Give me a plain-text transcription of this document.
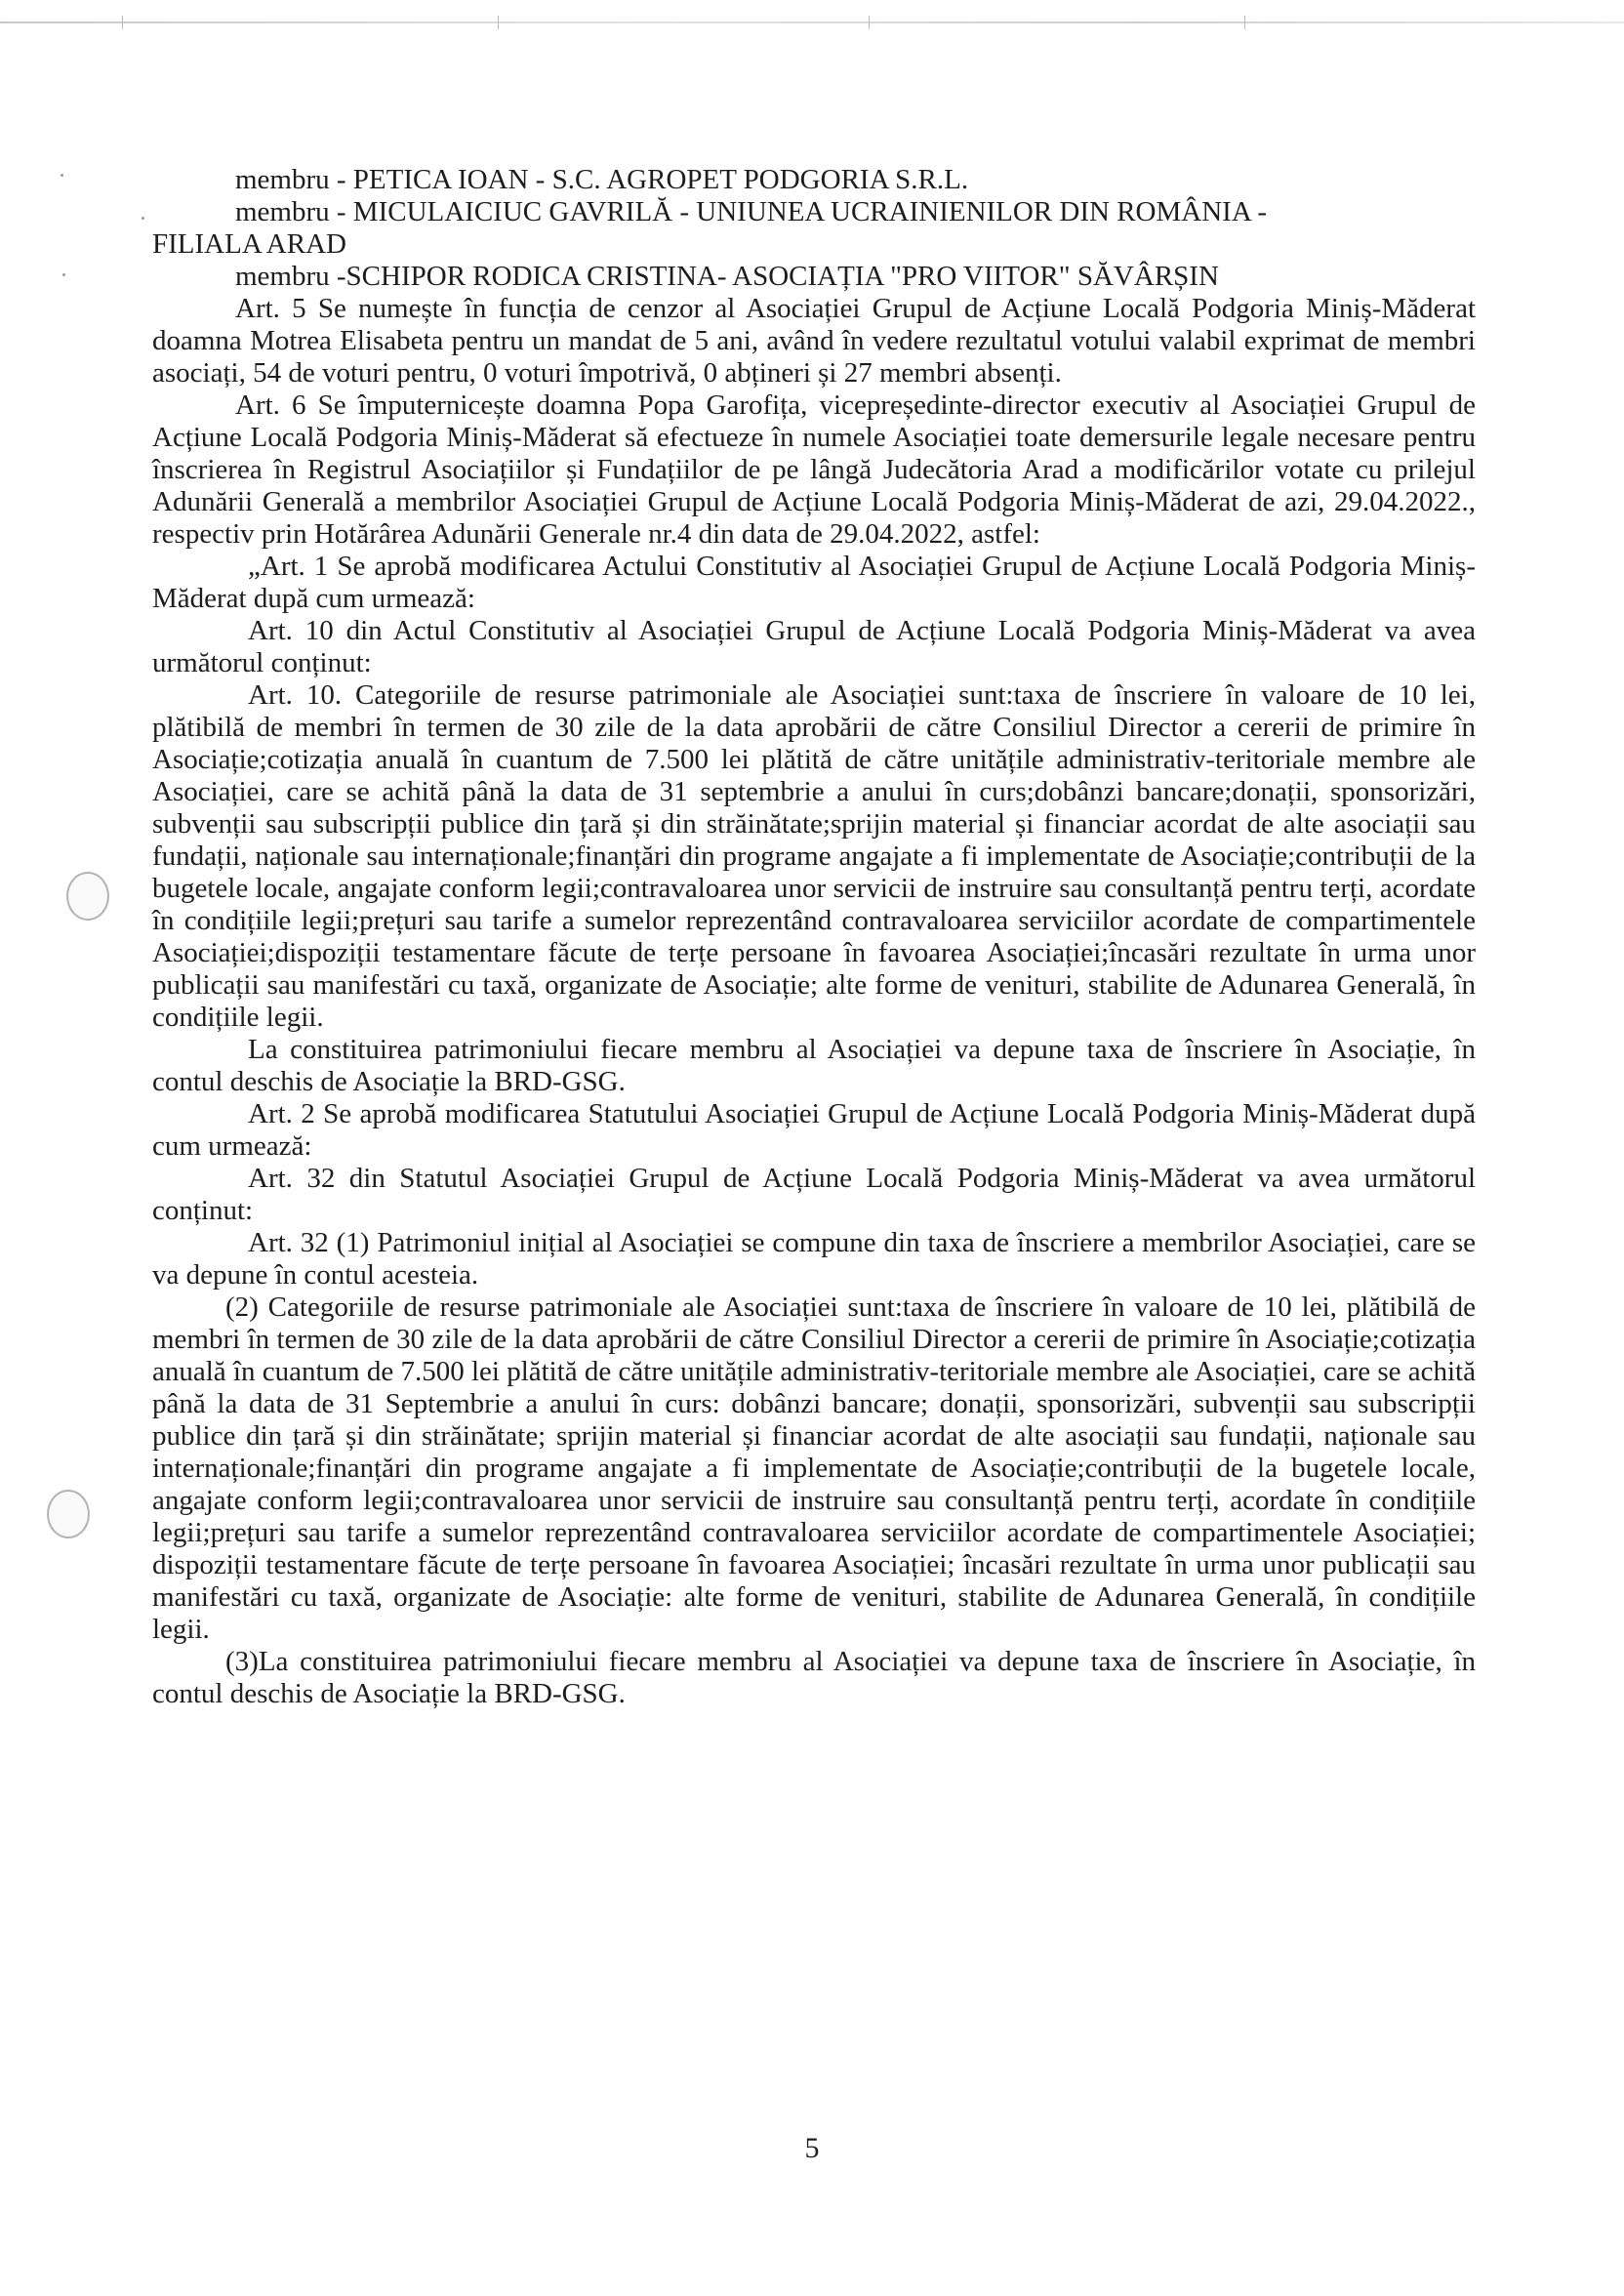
membru - PETICA IOAN - S.C. AGROPET PODGORIA S.R.L.

membru - MICULAICIUC GAVRILĂ - UNIUNEA UCRAINIENILOR DIN ROMÂNIA -

FILIALA ARAD

membru -SCHIPOR RODICA CRISTINA- ASOCIAȚIA "PRO VIITOR" SĂVÂRȘIN

Art. 5 Se numește în funcția de cenzor al Asociației Grupul de Acțiune Locală Podgoria Miniș-Măderat doamna Motrea Elisabeta pentru un mandat de 5 ani, având în vedere rezultatul votului valabil exprimat de membri asociați, 54 de voturi pentru, 0 voturi împotrivă, 0 abțineri și 27 membri absenți.

Art. 6 Se împuternicește doamna Popa Garofița, vicepreședinte-director executiv al Asociației Grupul de Acțiune Locală Podgoria Miniș-Măderat să efectueze în numele Asociației toate demersurile legale necesare pentru înscrierea în Registrul Asociațiilor și Fundațiilor de pe lângă Judecătoria Arad a modificărilor votate cu prilejul Adunării Generală a membrilor Asociației Grupul de Acțiune Locală Podgoria Miniș-Măderat de azi, 29.04.2022., respectiv prin Hotărârea Adunării Generale nr.4 din data de 29.04.2022, astfel:

„Art. 1 Se aprobă modificarea Actului Constitutiv al Asociației Grupul de Acțiune Locală Podgoria Miniș-Măderat după cum urmează:

Art. 10 din Actul Constitutiv al Asociației Grupul de Acțiune Locală Podgoria Miniș-Măderat va avea următorul conținut:

Art. 10. Categoriile de resurse patrimoniale ale Asociației sunt:taxa de înscriere în valoare de 10 lei, plătibilă de membri în termen de 30 zile de la data aprobării de către Consiliul Director a cererii de primire în Asociație;cotizația anuală în cuantum de 7.500 lei plătită de către unitățile administrativ-teritoriale membre ale Asociației, care se achită până la data de 31 septembrie a anului în curs;dobânzi bancare;donații, sponsorizări, subvenții sau subscripții publice din țară și din străinătate;sprijin material și financiar acordat de alte asociații sau fundații, naționale sau internaționale;finanțări din programe angajate a fi implementate de Asociație;contribuții de la bugetele locale, angajate conform legii;contravaloarea unor servicii de instruire sau consultanță pentru terți, acordate în condițiile legii;prețuri sau tarife a sumelor reprezentând contravaloarea serviciilor acordate de compartimentele Asociației;dispoziții testamentare făcute de terțe persoane în favoarea Asociației;încasări rezultate în urma unor publicații sau manifestări cu taxă, organizate de Asociație; alte forme de venituri, stabilite de Adunarea Generală, în condițiile legii.

La constituirea patrimoniului fiecare membru al Asociației va depune taxa de înscriere în Asociație, în contul deschis de Asociație la BRD-GSG.

Art. 2 Se aprobă modificarea Statutului Asociației Grupul de Acțiune Locală Podgoria Miniș-Măderat după cum urmează:

Art. 32 din Statutul Asociației Grupul de Acțiune Locală Podgoria Miniș-Măderat va avea următorul conținut:

Art. 32 (1) Patrimoniul inițial al Asociației se compune din taxa de înscriere a membrilor Asociației, care se va depune în contul acesteia.

(2) Categoriile de resurse patrimoniale ale Asociației sunt:taxa de înscriere în valoare de 10 lei, plătibilă de membri în termen de 30 zile de la data aprobării de către Consiliul Director a cererii de primire în Asociație;cotizația anuală în cuantum de 7.500 lei plătită de către unitățile administrativ-teritoriale membre ale Asociației, care se achită până la data de 31 Septembrie a anului în curs: dobânzi bancare; donații, sponsorizări, subvenții sau subscripții publice din țară și din străinătate; sprijin material și financiar acordat de alte asociații sau fundații, naționale sau internaționale;finanțări din programe angajate a fi implementate de Asociație;contribuții de la bugetele locale, angajate conform legii;contravaloarea unor servicii de instruire sau consultanță pentru terți, acordate în condițiile legii;prețuri sau tarife a sumelor reprezentând contravaloarea serviciilor acordate de compartimentele Asociației; dispoziții testamentare făcute de terțe persoane în favoarea Asociației; încasări rezultate în urma unor publicații sau manifestări cu taxă, organizate de Asociație: alte forme de venituri, stabilite de Adunarea Generală, în condițiile legii.

(3)La constituirea patrimoniului fiecare membru al Asociației va depune taxa de înscriere în Asociație, în contul deschis de Asociație la BRD-GSG.

5
